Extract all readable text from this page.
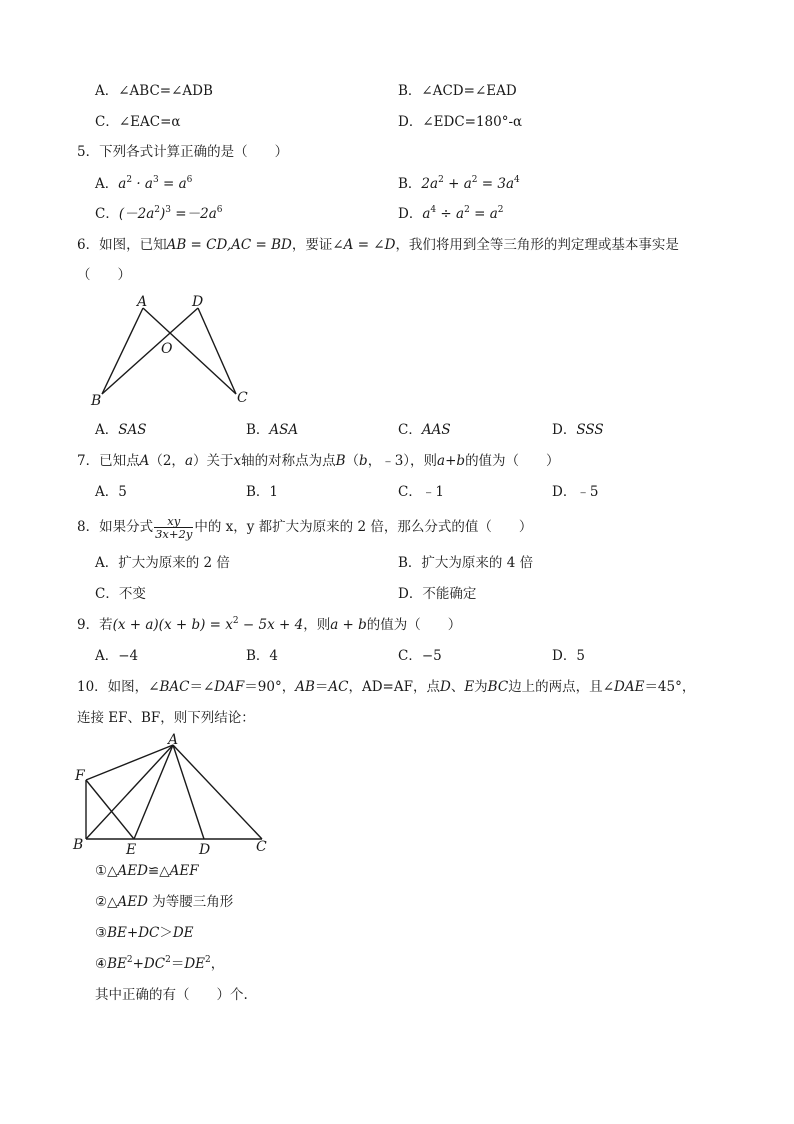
A．∠ABC=∠ADB	B．∠ACD=∠EAD
C．∠EAC=α	D．∠EDC=180°-α
5．下列各式计算正确的是（　　）
A．$a^2 \cdot a^3 = a^6$	B．$2a^2 + a^2 = 3a^4$
C．$(-2a^2)^3 =-2a^6$	D．$a^4 \div a^2 = a^2$
6．如图，已知AB = CD,AC = BD，要证∠A = ∠D，我们将用到全等三角形的判定理或基本事实是
（　　）
A	D
O
B	C
A．SAS	B．ASA	C．AAS	D．SSS
7．已知点A（2，a）关于x轴的对称点为点B（b，﹣3），则a+b的值为（　　）
A．5	B．1	C．﹣1	D．﹣5
8．如果分式 $\frac{xy}{3x+2y}$ 中的 x，y 都扩大为原来的 2 倍，那么分式的值（　　）
A．扩大为原来的 2 倍	B．扩大为原来的 4 倍
C．不变	D．不能确定
9．若$(x + a)(x + b) = x^2 - 5x + 4$，则a + b的值为（　　）
A．−4	B．4	C．−5	D．5
10．如图，∠BAC＝∠DAF＝90°，AB＝AC，AD=AF，点D、E为BC边上的两点，且∠DAE＝45°，
连接 EF、BF，则下列结论：
A
F
B	E	D	C
①△AED≌△AEF
②△AED 为等腰三角形
③BE+DC＞DE
$④BE^2+DC^2=DE^2$，
其中正确的有（　　）个.
